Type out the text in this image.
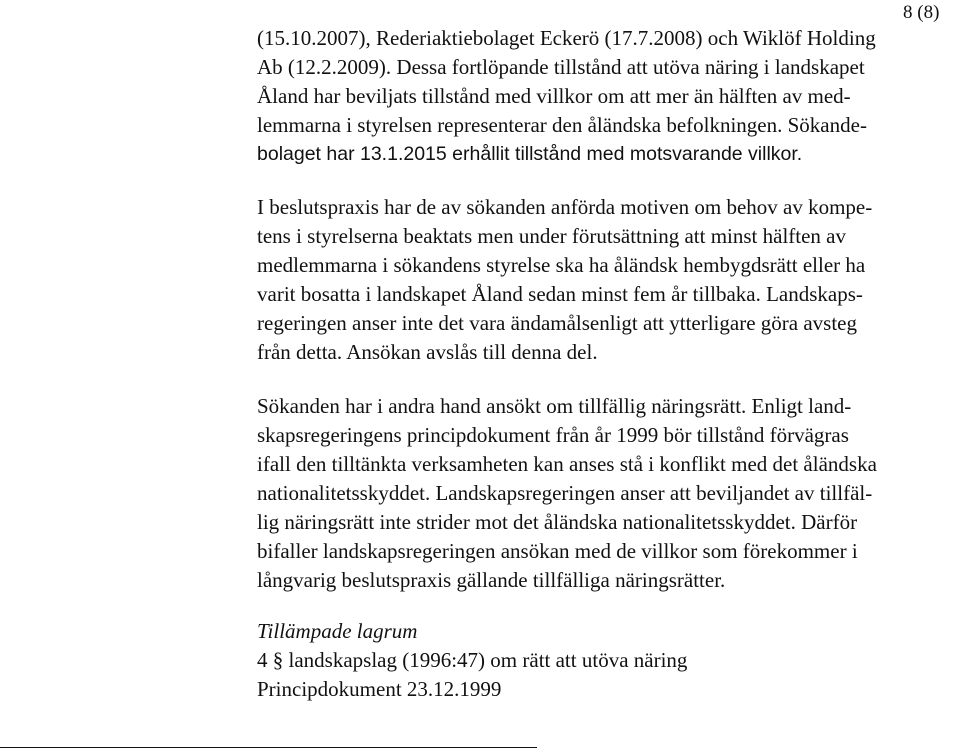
8 (8)
(15.10.2007), Rederiaktiebolaget Eckerö (17.7.2008) och Wiklöf Holding
Ab (12.2.2009). Dessa fortlöpande tillstånd att utöva näring i landskapet
Åland har beviljats tillstånd med villkor om att mer än hälften av med-
lemmarna i styrelsen representerar den åländska befolkningen. Sökande-
bolaget har 13.1.2015 erhållit tillstånd med motsvarande villkor.
I beslutspraxis har de av sökanden anförda motiven om behov av kompe-
tens i styrelserna beaktats men under förutsättning att minst hälften av
medlemmarna i sökandens styrelse ska ha åländsk hembygdsrätt eller ha
varit bosatta i landskapet Åland sedan minst fem år tillbaka. Landskaps-
regeringen anser inte det vara ändamålsenligt att ytterligare göra avsteg
från detta. Ansökan avslås till denna del.
Sökanden har i andra hand ansökt om tillfällig näringsrätt. Enligt land-
skapsregeringens principdokument från år 1999 bör tillstånd förvägras
ifall den tilltänkta verksamheten kan anses stå i konflikt med det åländska
nationalitetsskyddet. Landskapsregeringen anser att beviljandet av tillfäl-
lig näringsrätt inte strider mot det åländska nationalitetsskyddet. Därför
bifaller landskapsregeringen ansökan med de villkor som förekommer i
långvarig beslutspraxis gällande tillfälliga näringsrätter.
Tillämpade lagrum
4 § landskapslag (1996:47) om rätt att utöva näring
Principdokument 23.12.1999
